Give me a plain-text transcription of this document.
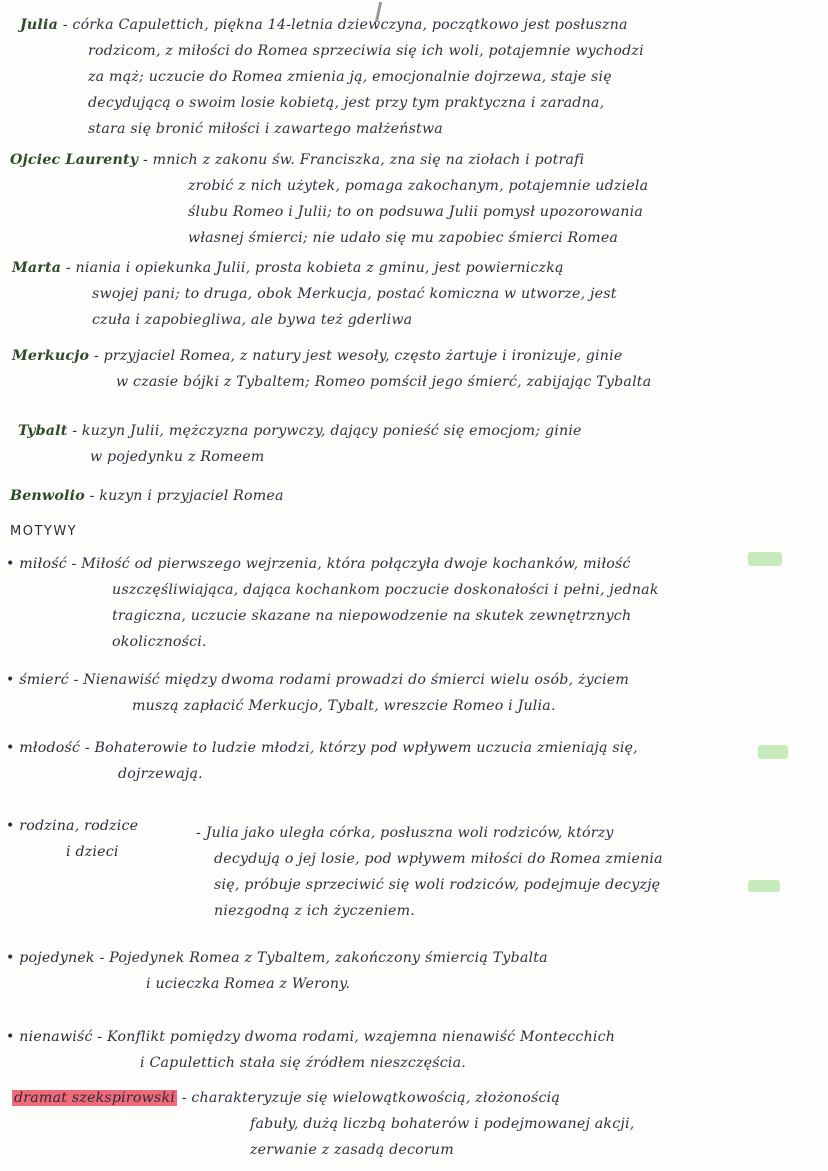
Julia - córka Capulettich, piękna 14-letnia dziewczyna, początkowo jest posłuszna
rodzicom, z miłości do Romea sprzeciwia się ich woli, potajemnie wychodzi
za mąż; uczucie do Romea zmienia ją, emocjonalnie dojrzewa, staje się
decydującą o swoim losie kobietą, jest przy tym praktyczna i zaradna,
stara się bronić miłości i zawartego małżeństwa
Ojciec Laurenty - mnich z zakonu św. Franciszka, zna się na ziołach i potrafi
zrobić z nich użytek, pomaga zakochanym, potajemnie udziela
ślubu Romeo i Julii; to on podsuwa Julii pomysł upozorowania
własnej śmierci; nie udało się mu zapobiec śmierci Romea
Marta - niania i opiekunka Julii, prosta kobieta z gminu, jest powierniczką
swojej pani; to druga, obok Merkucja, postać komiczna w utworze, jest
czuła i zapobiegliwa, ale bywa też gderliwa
Merkucjo - przyjaciel Romea, z natury jest wesoły, często żartuje i ironizuje, ginie
w czasie bójki z Tybaltem; Romeo pomścił jego śmierć, zabijając Tybalta
Tybalt - kuzyn Julii, mężczyzna porywczy, dający ponieść się emocjom; ginie
w pojedynku z Romeem
Benwolio - kuzyn i przyjaciel Romea
MOTYWY
• miłość - Miłość od pierwszego wejrzenia, która połączyła dwoje kochanków, miłość
uszczęśliwiająca, dająca kochankom poczucie doskonałości i pełni, jednak
tragiczna, uczucie skazane na niepowodzenie na skutek zewnętrznych
okoliczności.
• śmierć - Nienawiść między dwoma rodami prowadzi do śmierci wielu osób, życiem
muszą zapłacić Merkucjo, Tybalt, wreszcie Romeo i Julia.
• młodość - Bohaterowie to ludzie młodzi, którzy pod wpływem uczucia zmieniają się,
dojrzewają.
• rodzina, rodzice
i dzieci
- Julia jako uległa córka, posłuszna woli rodziców, którzy
decydują o jej losie, pod wpływem miłości do Romea zmienia
się, próbuje sprzeciwić się woli rodziców, podejmuje decyzję
niezgodną z ich życzeniem.
• pojedynek - Pojedynek Romea z Tybaltem, zakończony śmiercią Tybalta
i ucieczka Romea z Werony.
• nienawiść - Konflikt pomiędzy dwoma rodami, wzajemna nienawiść Montecchich
i Capulettich stała się źródłem nieszczęścia.
dramat szekspirowski - charakteryzuje się wielowątkowością, złożonością
fabuły, dużą liczbą bohaterów i podejmowanej akcji,
zerwanie z zasadą decorum
